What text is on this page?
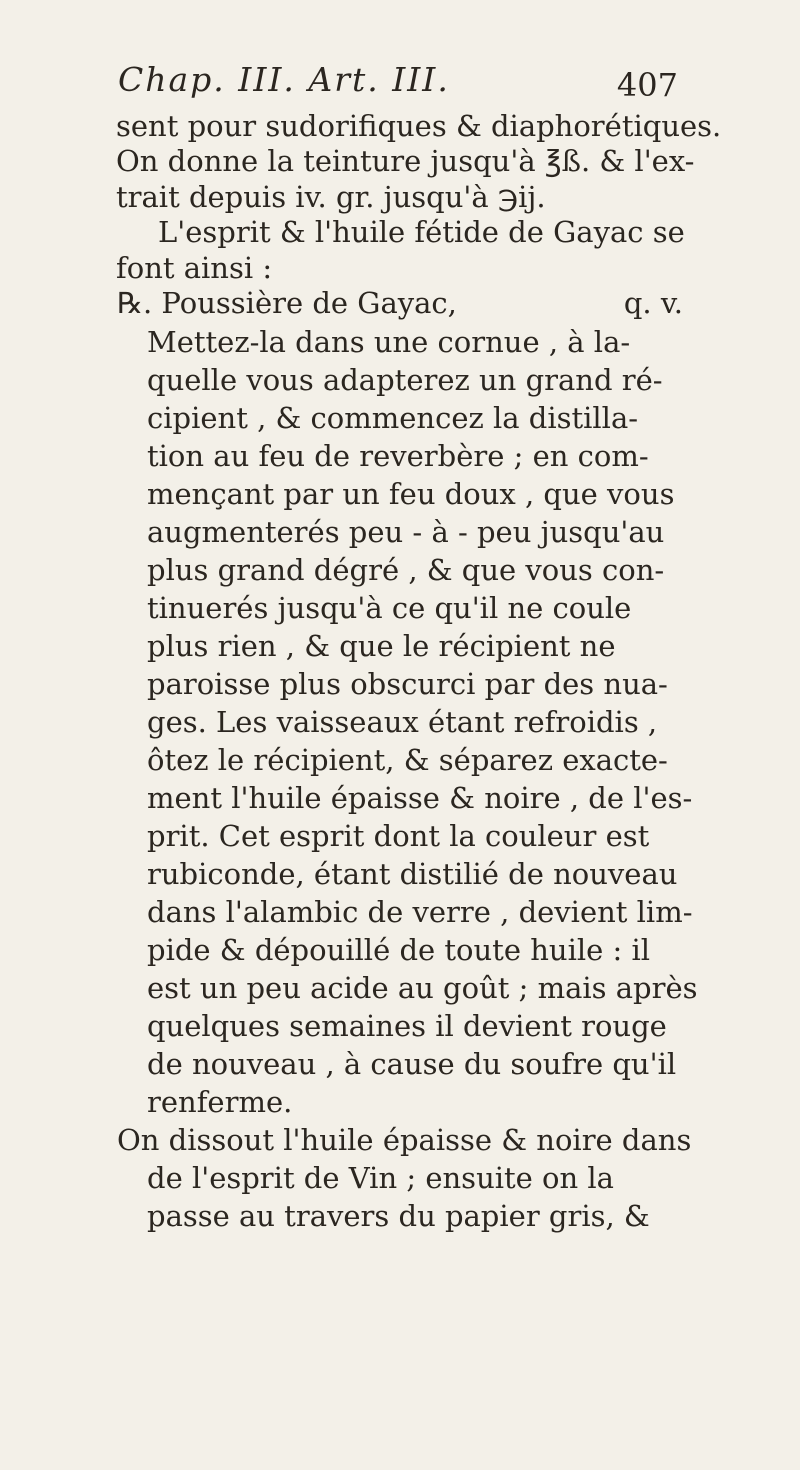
Chap. III. Art. III.	407
sent pour sudorifiques & diaphorétiques.
On donne la teinture jusqu'à ℥ß. & l'ex-
trait depuis iv. gr. jusqu'à ℈ij.
L'esprit & l'huile fétide de Gayac se
font ainsi :
℞. Poussière de Gayac,	q. v.
Mettez-la dans une cornue , à la-
quelle vous adapterez un grand ré-
cipient , & commencez la distilla-
tion au feu de reverbère ; en com-
mençant par un feu doux , que vous
augmenterés peu - à - peu jusqu'au
plus grand dégré , & que vous con-
tinuerés jusqu'à ce qu'il ne coule
plus rien , & que le récipient ne
paroisse plus obscurci par des nua-
ges. Les vaisseaux étant refroidis ,
ôtez le récipient, & séparez exacte-
ment l'huile épaisse & noire , de l'es-
prit. Cet esprit dont la couleur est
rubiconde, étant distilié de nouveau
dans l'alambic de verre , devient lim-
pide & dépouillé de toute huile : il
est un peu acide au goût ; mais après
quelques semaines il devient rouge
de nouveau , à cause du soufre qu'il
renferme.
On dissout l'huile épaisse & noire dans
de l'esprit de Vin ; ensuite on la
passe au travers du papier gris, &
